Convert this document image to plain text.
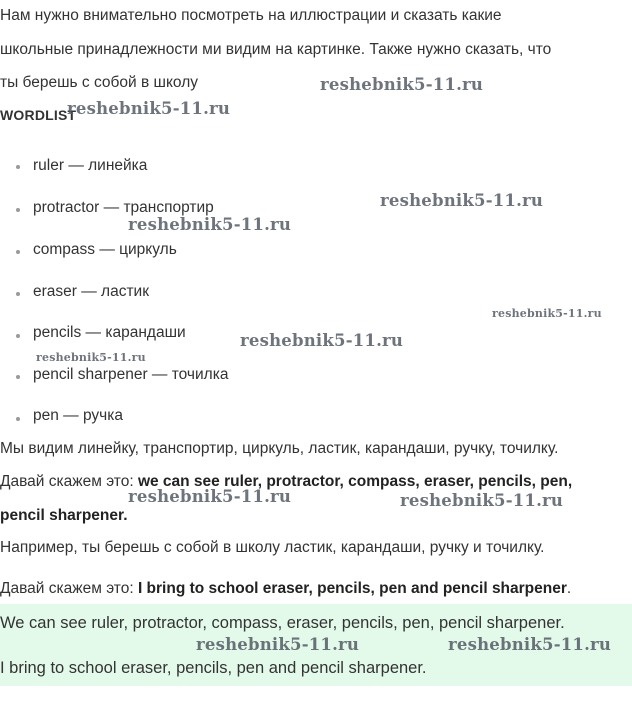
Нам нужно внимательно посмотреть на иллюстрации и сказать какие
школьные принадлежности ми видим на картинке. Также нужно сказать, что
ты берешь с собой в школу
WORDLIST
ruler — линейка
protractor — транспортир
compass — циркуль
eraser — ластик
pencils — карандаши
pencil sharpener — точилка
pen — ручка
Мы видим линейку, транспортир, циркуль, ластик, карандаши, ручку, точилку.
Давай скажем это: we can see ruler, protractor, compass, eraser, pencils, pen,
pencil sharpener.
Например, ты берешь с собой в школу ластик, карандаши, ручку и точилку.
Давай скажем это: I bring to school eraser, pencils, pen and pencil sharpener.
We can see ruler, protractor, compass, eraser, pencils, pen, pencil sharpener.
I bring to school eraser, pencils, pen and pencil sharpener.
reshebnik5-11.ru
reshebnik5-11.ru
reshebnik5-11.ru
reshebnik5-11.ru
reshebnik5-11.ru
reshebnik5-11.ru
reshebnik5-11.ru
reshebnik5-11.ru	reshebnik5-11.ru
reshebnik5-11.ru	reshebnik5-11.ru
